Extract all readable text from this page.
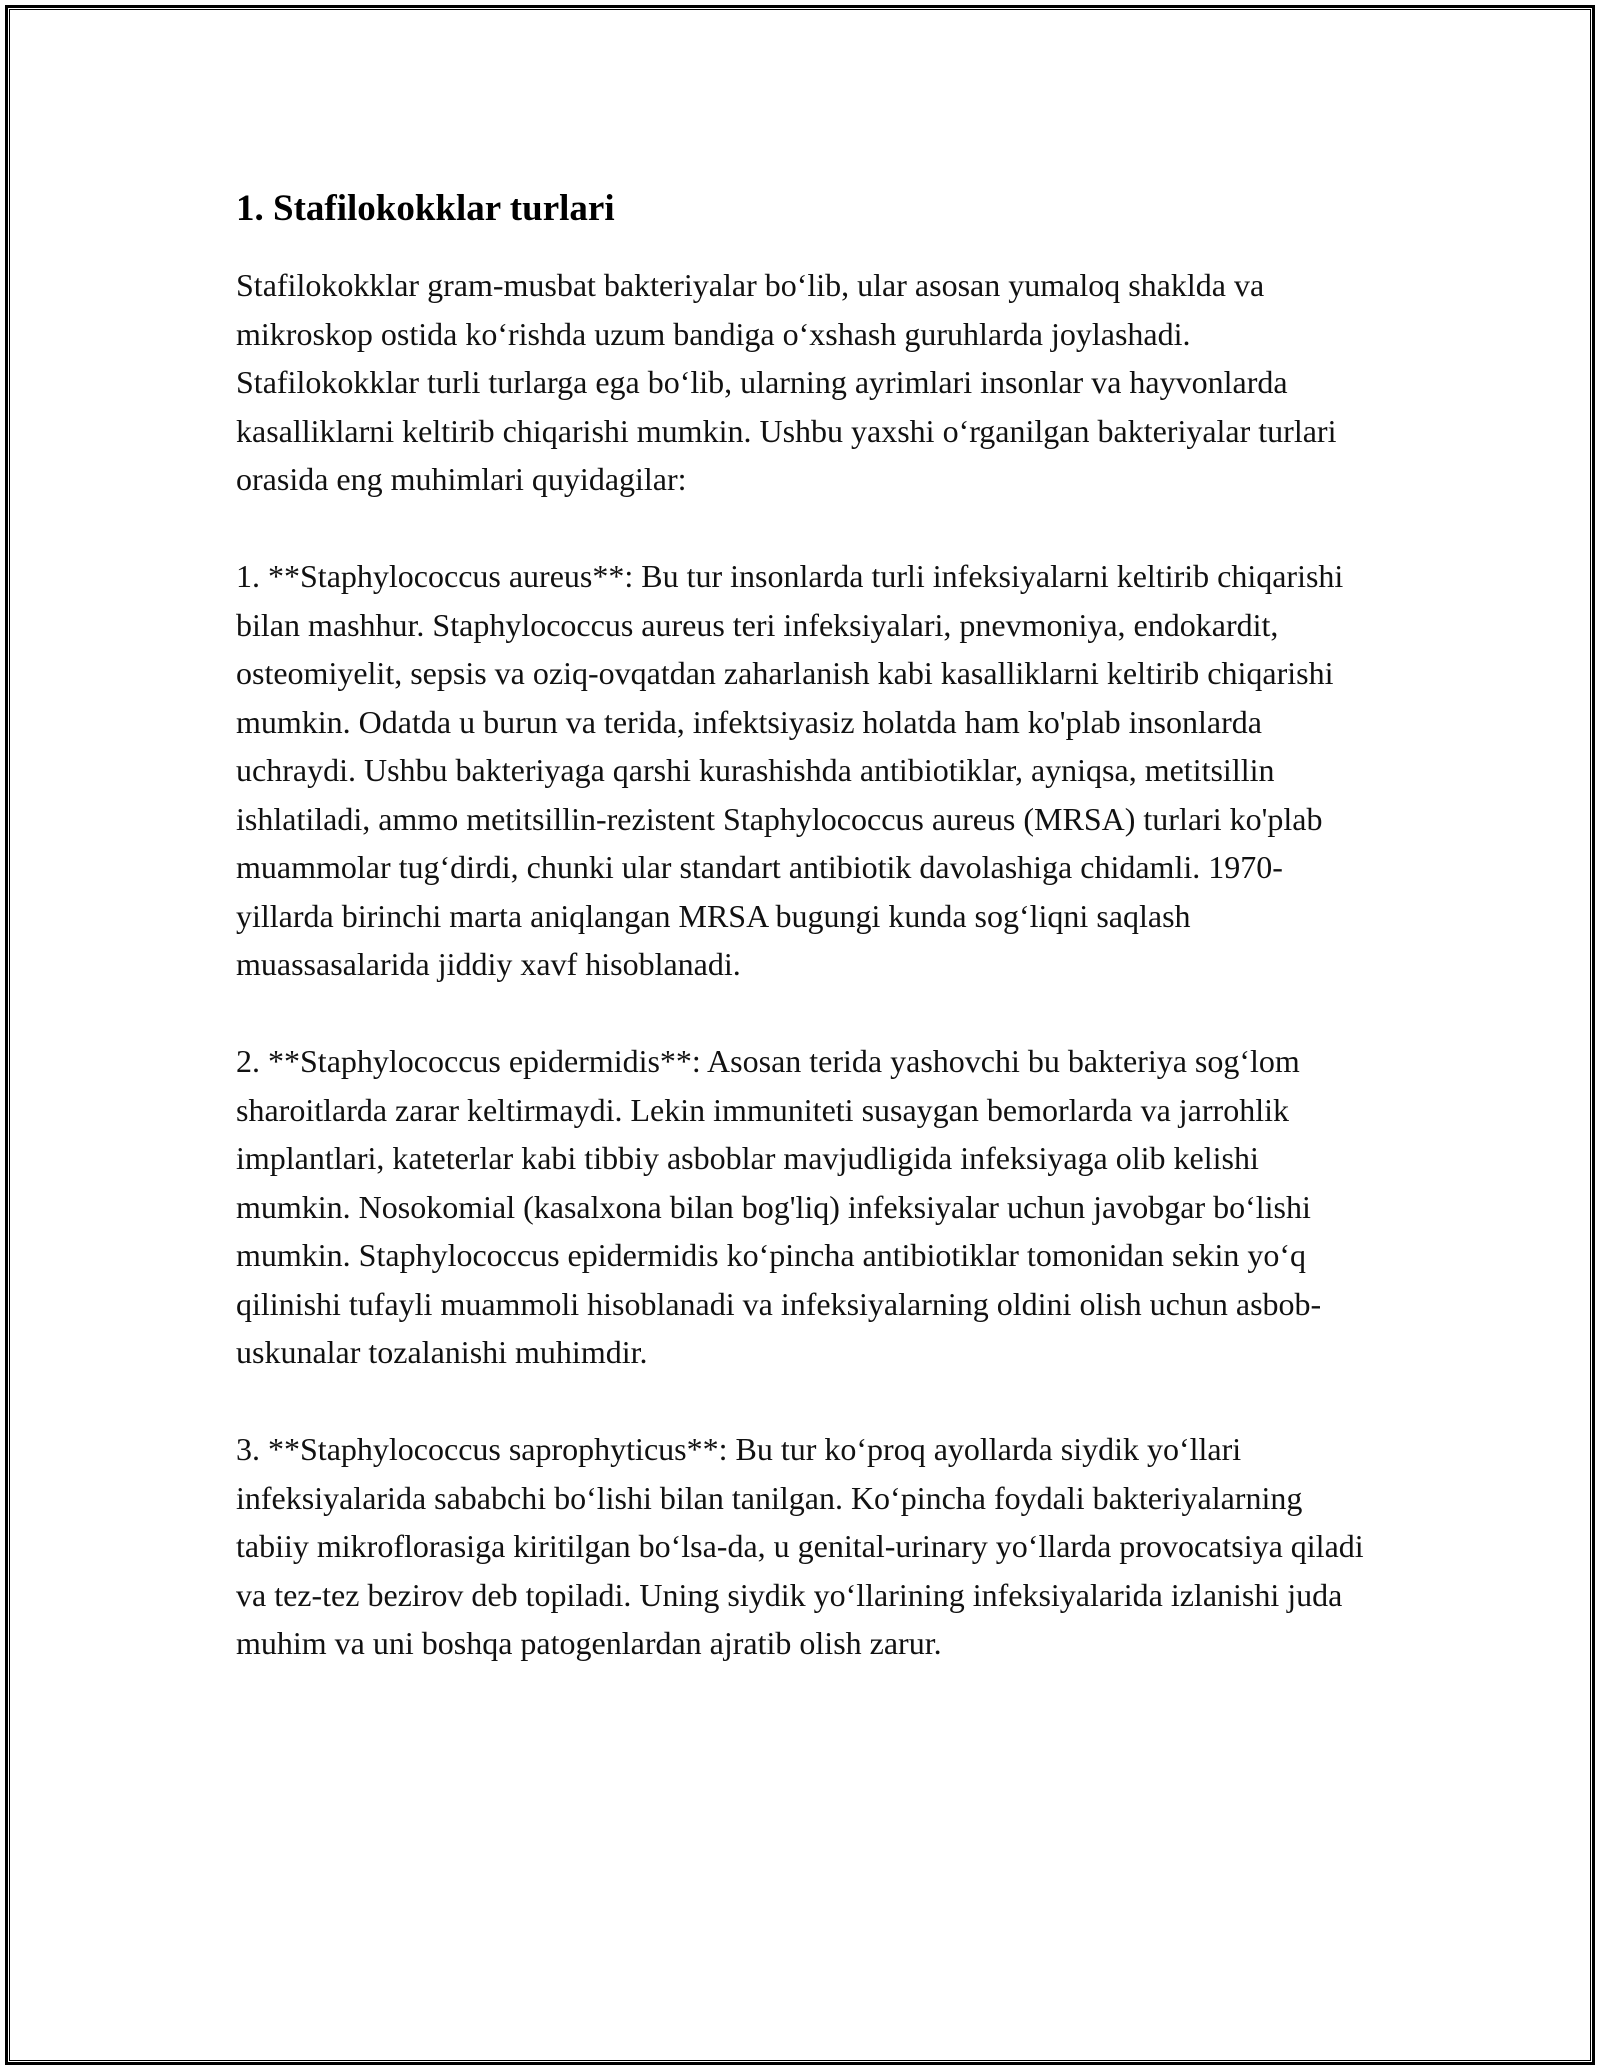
1. Stafilokokklar turlari

Stafilokokklar gram-musbat bakteriyalar boʻlib, ular asosan yumaloq shaklda va mikroskop ostida koʻrishda uzum bandiga oʻxshash guruhlarda joylashadi. Stafilokokklar turli turlarga ega boʻlib, ularning ayrimlari insonlar va hayvonlarda kasalliklarni keltirib chiqarishi mumkin. Ushbu yaxshi oʻrganilgan bakteriyalar turlari orasida eng muhimlari quyidagilar:

1. **Staphylococcus aureus**: Bu tur insonlarda turli infeksiyalarni keltirib chiqarishi bilan mashhur. Staphylococcus aureus teri infeksiyalari, pnevmoniya, endokardit, osteomiyelit, sepsis va oziq-ovqatdan zaharlanish kabi kasalliklarni keltirib chiqarishi mumkin. Odatda u burun va terida, infektsiyasiz holatda ham ko'plab insonlarda uchraydi. Ushbu bakteriyaga qarshi kurashishda antibiotiklar, ayniqsa, metitsillin ishlatiladi, ammo metitsillin-rezistent Staphylococcus aureus (MRSA) turlari ko'plab muammolar tugʻdirdi, chunki ular standart antibiotik davolashiga chidamli. 1970-yillarda birinchi marta aniqlangan MRSA bugungi kunda sogʻliqni saqlash muassasalarida jiddiy xavf hisoblanadi.

2. **Staphylococcus epidermidis**: Asosan terida yashovchi bu bakteriya sogʻlom sharoitlarda zarar keltirmaydi. Lekin immuniteti susaygan bemorlarda va jarrohlik implantlari, kateterlar kabi tibbiy asboblar mavjudligida infeksiyaga olib kelishi mumkin. Nosokomial (kasalxona bilan bog'liq) infeksiyalar uchun javobgar boʻlishi mumkin. Staphylococcus epidermidis koʻpincha antibiotiklar tomonidan sekin yoʻq qilinishi tufayli muammoli hisoblanadi va infeksiyalarning oldini olish uchun asbob-uskunalar tozalanishi muhimdir.

3. **Staphylococcus saprophyticus**: Bu tur koʻproq ayollarda siydik yoʻllari infeksiyalarida sababchi boʻlishi bilan tanilgan. Koʻpincha foydali bakteriyalarning tabiiy mikroflorasiga kiritilgan boʻlsa-da, u genital-urinary yoʻllarda provocatsiya qiladi va tez-tez bezirov deb topiladi. Uning siydik yoʻllarining infeksiyalarida izlanishi juda muhim va uni boshqa patogenlardan ajratib olish zarur.
